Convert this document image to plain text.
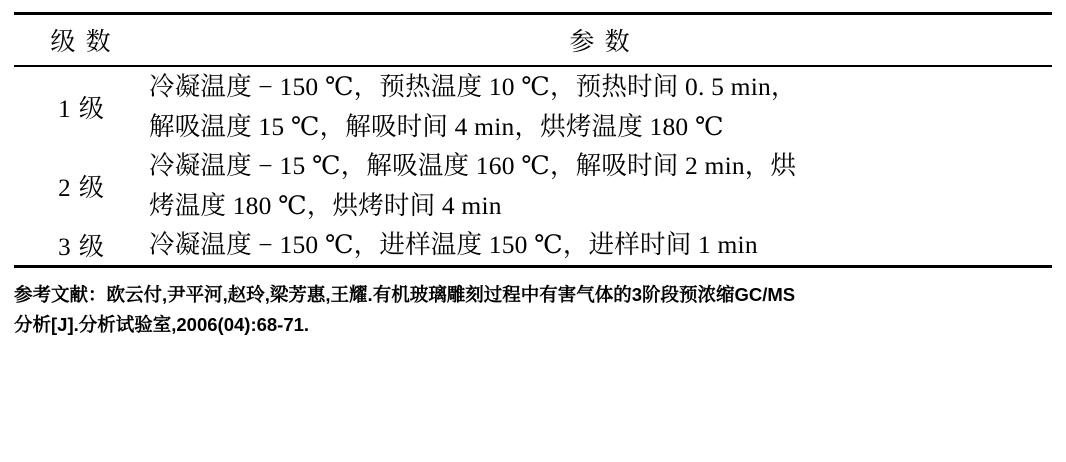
级 数	参 数
1 级	冷凝温度 − 150 ℃，预热温度 10 ℃，预热时间 0. 5 min，
解吸温度 15 ℃，解吸时间 4 min，烘烤温度 180 ℃

2 级	冷凝温度 − 15 ℃，解吸温度 160 ℃，解吸时间 2 min，烘
烤温度 180 ℃，烘烤时间 4 min

3 级	冷凝温度 − 150 ℃，进样温度 150 ℃，进样时间 1 min
参考文献：欧云付,尹平河,赵玲,梁芳惠,王耀.有机玻璃雕刻过程中有害气体的3阶段预浓缩GC/MS
分析[J].分析试验室,2006(04):68-71.
